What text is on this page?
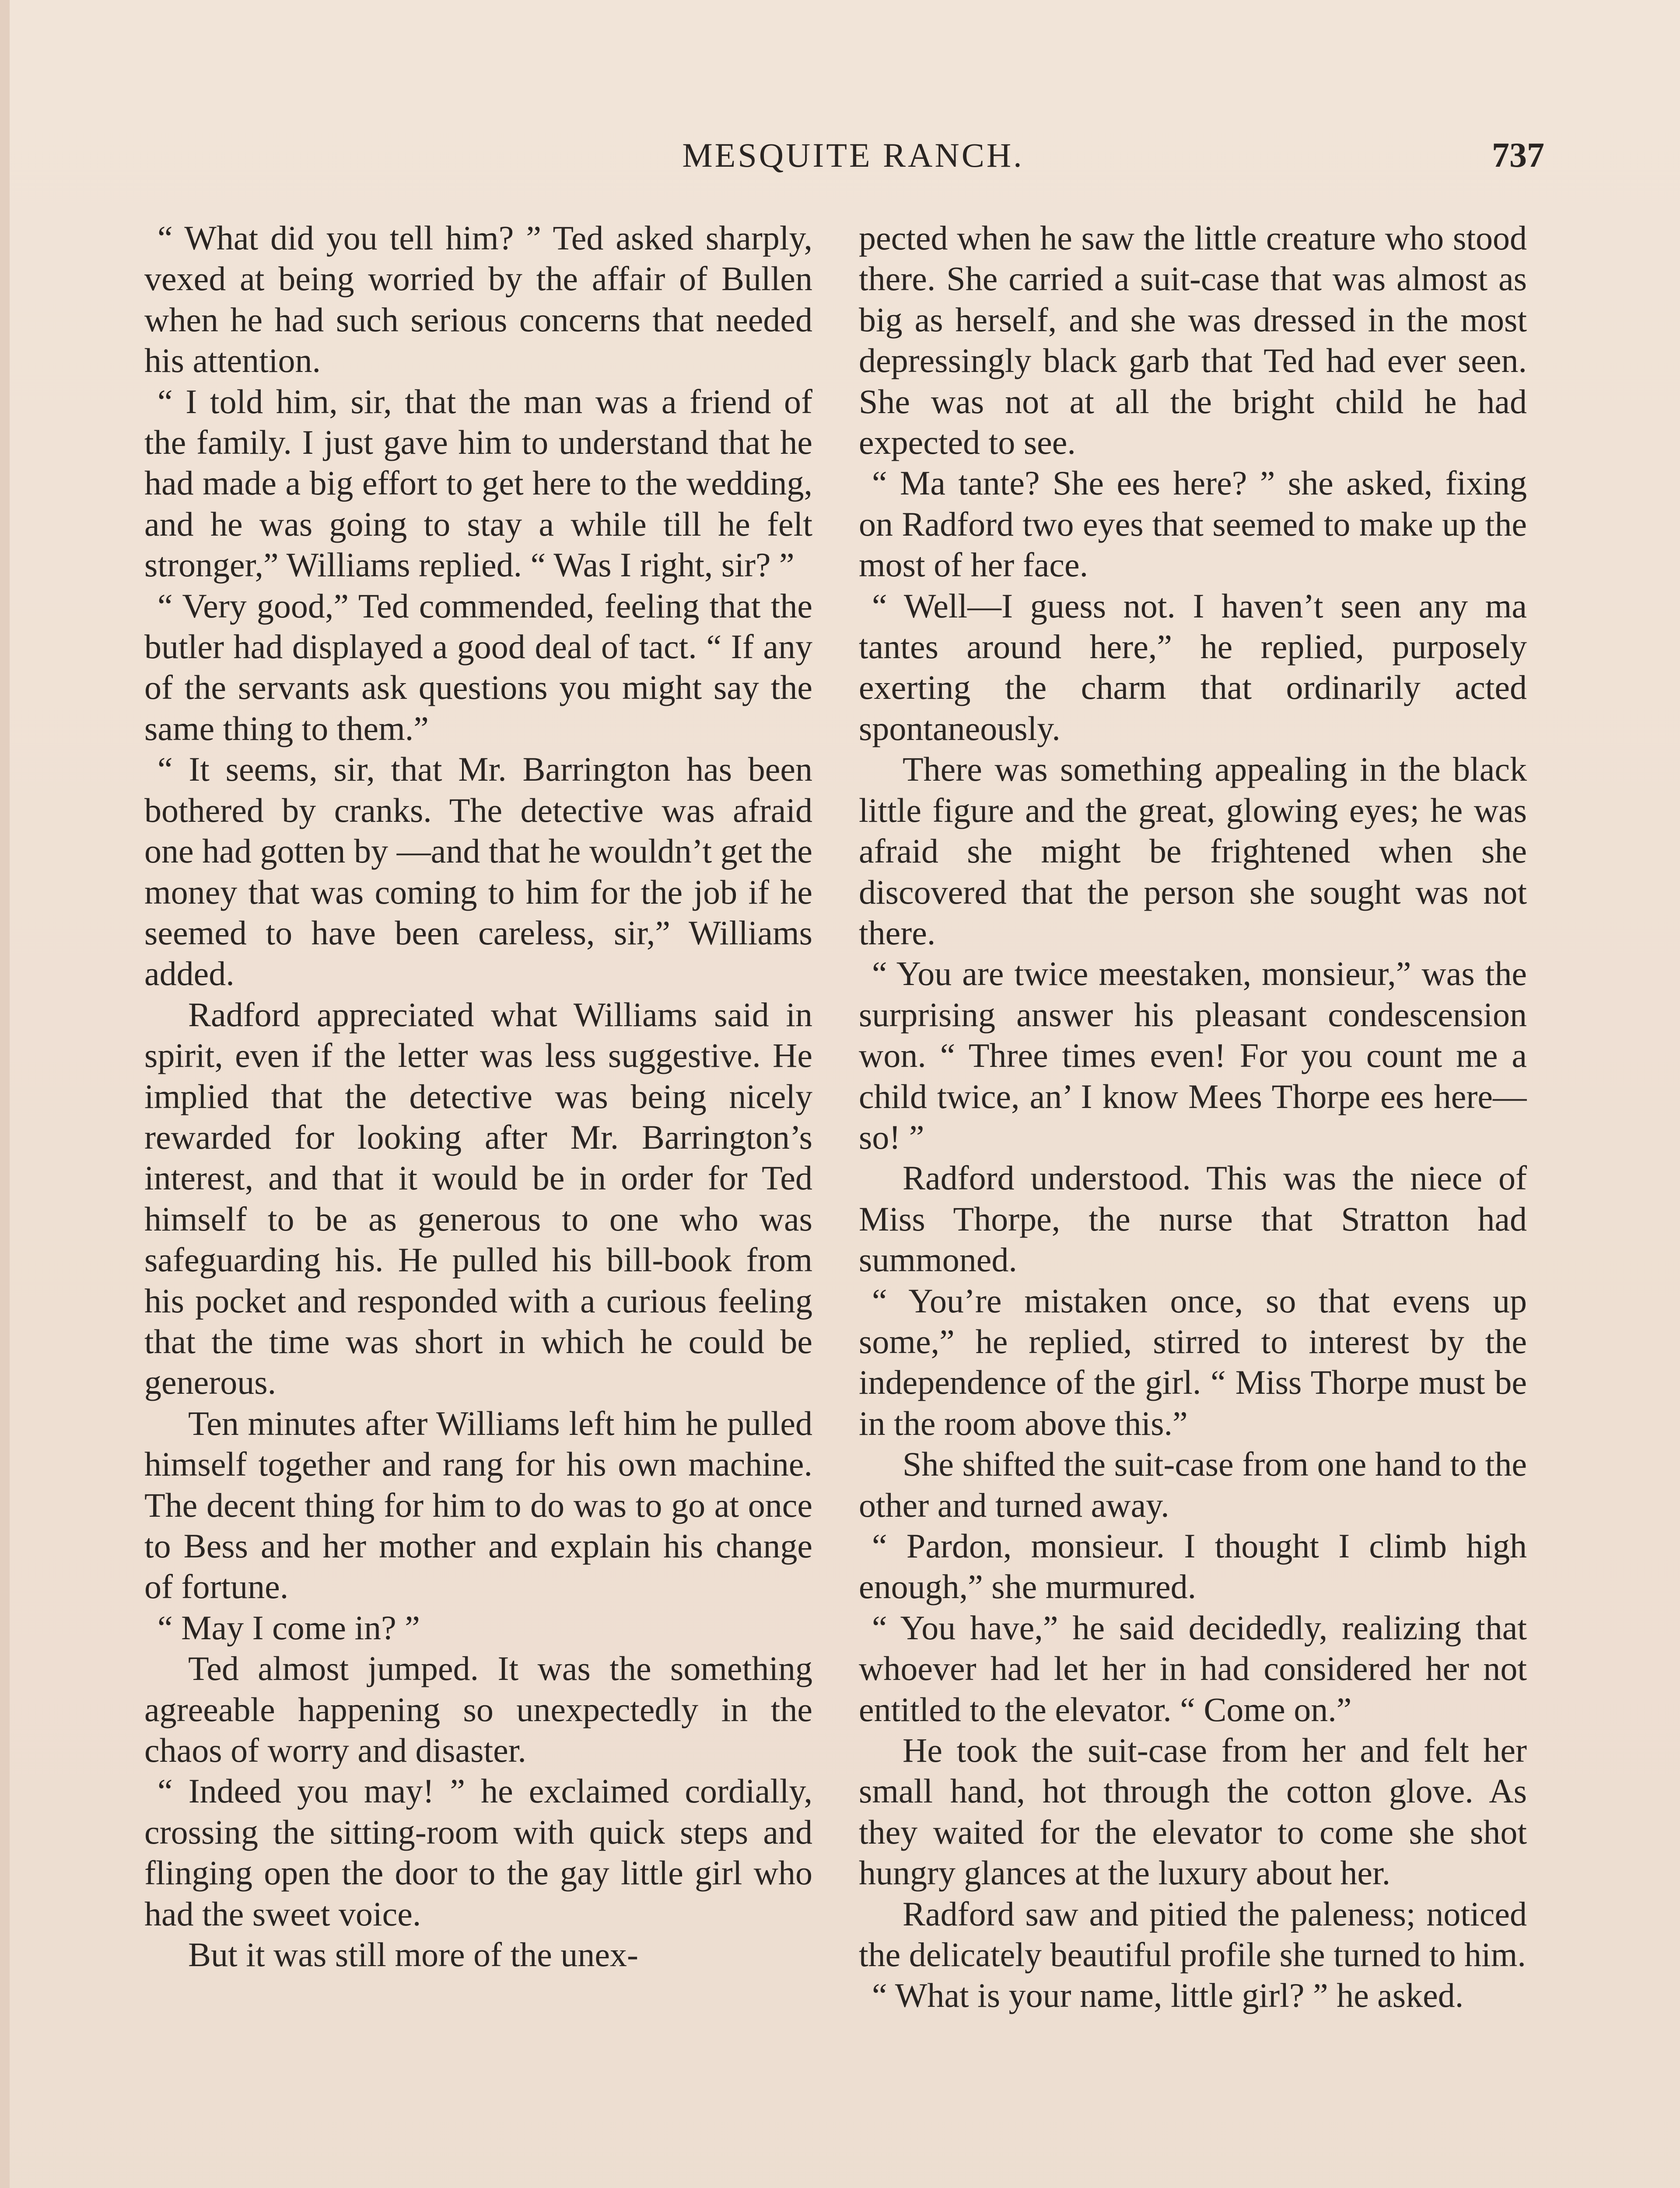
MESQUITE RANCH.	737

“ What did you tell him? ” Ted asked sharply, vexed at being worried by the affair of Bullen when he had such serious concerns that needed his attention.

“ I told him, sir, that the man was a friend of the family. I just gave him to understand that he had made a big effort to get here to the wedding, and he was going to stay a while till he felt stronger,” Williams replied. “ Was I right, sir? ”

“ Very good,” Ted commended, feeling that the butler had displayed a good deal of tact. “ If any of the servants ask questions you might say the same thing to them.”

“ It seems, sir, that Mr. Barrington has been bothered by cranks. The detective was afraid one had gotten by —and that he wouldn’t get the money that was coming to him for the job if he seemed to have been careless, sir,” Williams added.

Radford appreciated what Williams said in spirit, even if the letter was less suggestive. He implied that the detective was being nicely rewarded for looking after Mr. Barrington’s interest, and that it would be in order for Ted himself to be as generous to one who was safeguarding his. He pulled his bill-book from his pocket and responded with a curious feeling that the time was short in which he could be generous.

Ten minutes after Williams left him he pulled himself together and rang for his own machine. The decent thing for him to do was to go at once to Bess and her mother and explain his change of fortune.

“ May I come in? ”

Ted almost jumped. It was the something agreeable happening so unexpectedly in the chaos of worry and disaster.

“ Indeed you may! ” he exclaimed cordially, crossing the sitting-room with quick steps and flinging open the door to the gay little girl who had the sweet voice.

But it was still more of the unex-

pected when he saw the little creature who stood there. She carried a suit-case that was almost as big as herself, and she was dressed in the most depressingly black garb that Ted had ever seen. She was not at all the bright child he had expected to see.

“ Ma tante? She ees here? ” she asked, fixing on Radford two eyes that seemed to make up the most of her face.

“ Well—I guess not. I haven’t seen any ma tantes around here,” he replied, purposely exerting the charm that ordinarily acted spontaneously.

There was something appealing in the black little figure and the great, glowing eyes; he was afraid she might be frightened when she discovered that the person she sought was not there.

“ You are twice meestaken, monsieur,” was the surprising answer his pleasant condescension won. “ Three times even! For you count me a child twice, an’ I know Mees Thorpe ees here—so! ”

Radford understood. This was the niece of Miss Thorpe, the nurse that Stratton had summoned.

“ You’re mistaken once, so that evens up some,” he replied, stirred to interest by the independence of the girl. “ Miss Thorpe must be in the room above this.”

She shifted the suit-case from one hand to the other and turned away.

“ Pardon, monsieur. I thought I climb high enough,” she murmured.

“ You have,” he said decidedly, realizing that whoever had let her in had considered her not entitled to the elevator. “ Come on.”

He took the suit-case from her and felt her small hand, hot through the cotton glove. As they waited for the elevator to come she shot hungry glances at the luxury about her.

Radford saw and pitied the paleness; noticed the delicately beautiful profile she turned to him.

“ What is your name, little girl? ” he asked.
